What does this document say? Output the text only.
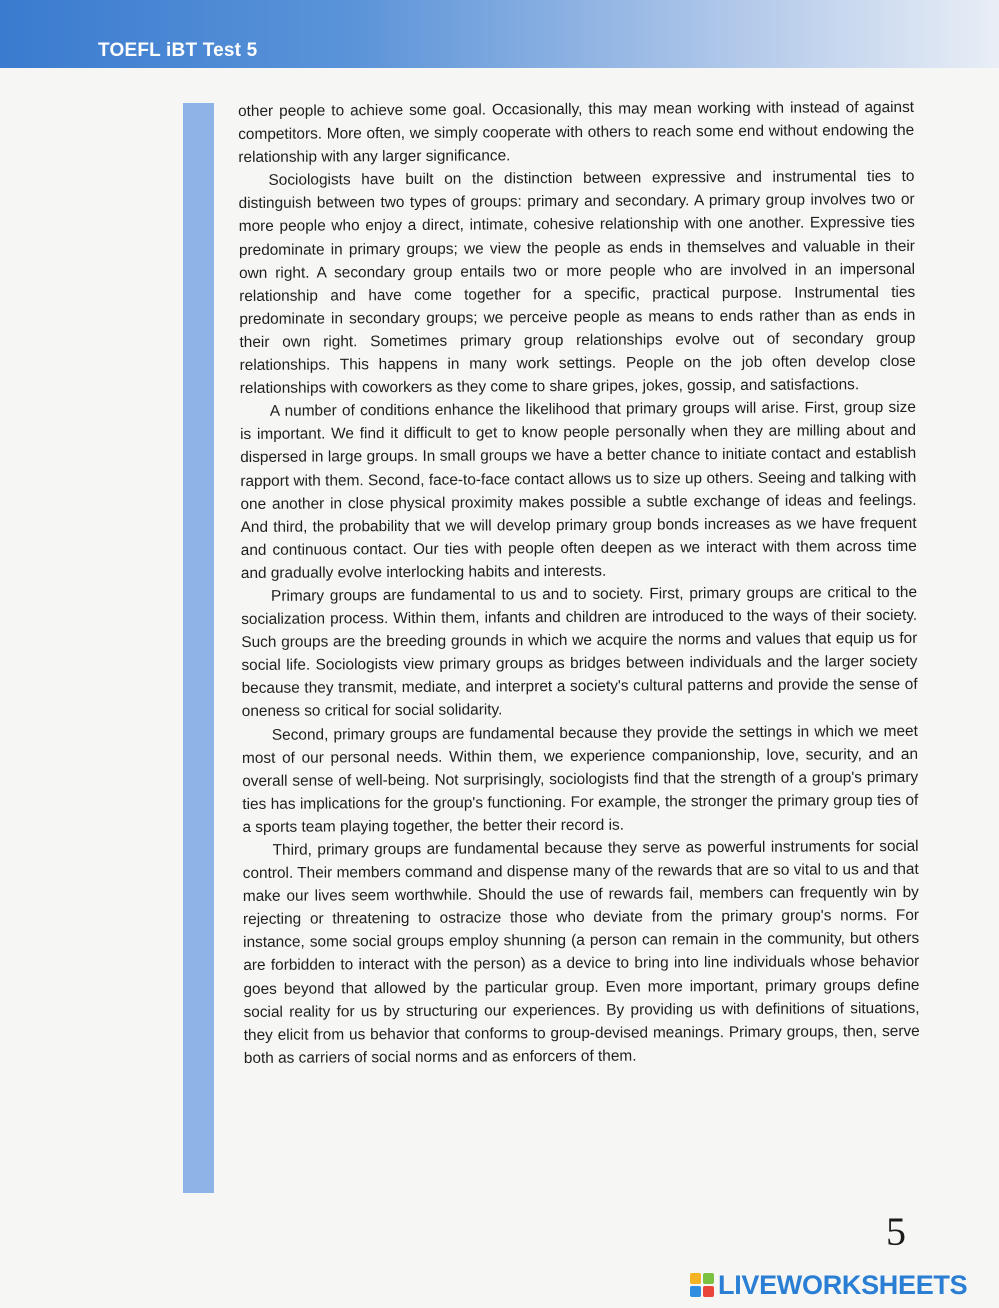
TOEFL iBT Test 5

other people to achieve some goal. Occasionally, this may mean working with instead of against competitors. More often, we simply cooperate with others to reach some end without endowing the relationship with any larger significance.

Sociologists have built on the distinction between expressive and instrumental ties to distinguish between two types of groups: primary and secondary. A primary group involves two or more people who enjoy a direct, intimate, cohesive relationship with one another. Expressive ties predominate in primary groups; we view the people as ends in themselves and valuable in their own right. A secondary group entails two or more people who are involved in an impersonal relationship and have come together for a specific, practical purpose. Instrumental ties predominate in secondary groups; we perceive people as means to ends rather than as ends in their own right. Sometimes primary group relationships evolve out of secondary group relationships. This happens in many work settings. People on the job often develop close relationships with coworkers as they come to share gripes, jokes, gossip, and satisfactions.

A number of conditions enhance the likelihood that primary groups will arise. First, group size is important. We find it difficult to get to know people personally when they are milling about and dispersed in large groups. In small groups we have a better chance to initiate contact and establish rapport with them. Second, face-to-face contact allows us to size up others. Seeing and talking with one another in close physical proximity makes possible a subtle exchange of ideas and feelings. And third, the probability that we will develop primary group bonds increases as we have frequent and continuous contact. Our ties with people often deepen as we interact with them across time and gradually evolve interlocking habits and interests.

Primary groups are fundamental to us and to society. First, primary groups are critical to the socialization process. Within them, infants and children are introduced to the ways of their society. Such groups are the breeding grounds in which we acquire the norms and values that equip us for social life. Sociologists view primary groups as bridges between individuals and the larger society because they transmit, mediate, and interpret a society's cultural patterns and provide the sense of oneness so critical for social solidarity.

Second, primary groups are fundamental because they provide the settings in which we meet most of our personal needs. Within them, we experience companionship, love, security, and an overall sense of well-being. Not surprisingly, sociologists find that the strength of a group's primary ties has implications for the group's functioning. For example, the stronger the primary group ties of a sports team playing together, the better their record is.

Third, primary groups are fundamental because they serve as powerful instruments for social control. Their members command and dispense many of the rewards that are so vital to us and that make our lives seem worthwhile. Should the use of rewards fail, members can frequently win by rejecting or threatening to ostracize those who deviate from the primary group's norms. For instance, some social groups employ shunning (a person can remain in the community, but others are forbidden to interact with the person) as a device to bring into line individuals whose behavior goes beyond that allowed by the particular group. Even more important, primary groups define social reality for us by structuring our experiences. By providing us with definitions of situations, they elicit from us behavior that conforms to group-devised meanings. Primary groups, then, serve both as carriers of social norms and as enforcers of them.

5
LIVEWORKSHEETS
